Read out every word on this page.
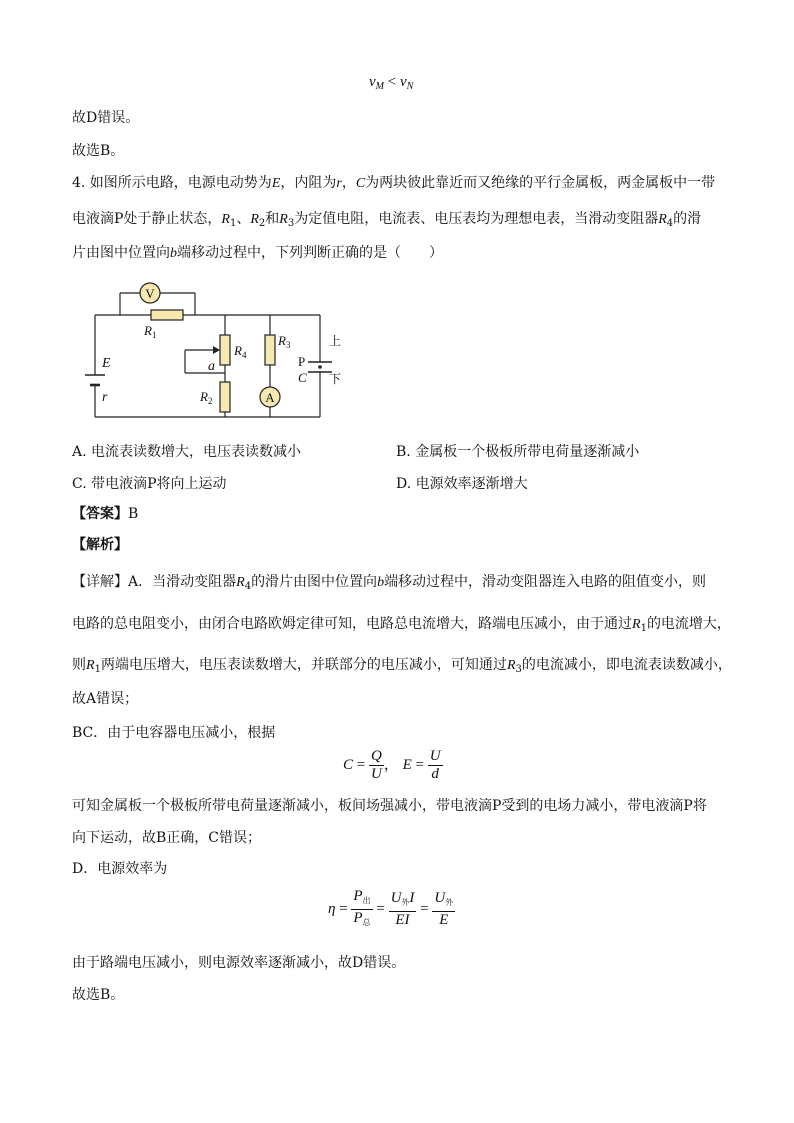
$v_M < v_N$
故D错误。
故选B。
4. 如图所示电路，电源电动势为E，内阻为r，C为两块彼此靠近而又绝缘的平行金属板，两金属板中一带
电液滴P处于静止状态，$R_1$、$R_2$和$R_3$为定值电阻，电流表、电压表均为理想电表，当滑动变阻器$R_4$的滑
片由图中位置向b端移动过程中，下列判断正确的是（　　）
V
A
$R_1$
$R_4$
$R_2$
$R_3$
E
r
a	P
C
上
下
A. 电流表读数增大，电压表读数减小	B. 金属板一个极板所带电荷量逐渐减小
C. 带电液滴P将向上运动	D. 电源效率逐渐增大
【答案】B
【解析】
【详解】A．当滑动变阻器$R_4$的滑片由图中位置向b端移动过程中，滑动变阻器连入电路的阻值变小，则
电路的总电阻变小，由闭合电路欧姆定律可知，电路总电流增大，路端电压减小，由于通过$R_1$的电流增大，
则$R_1$两端电压增大，电压表读数增大，并联部分的电压减小，可知通过$R_3$的电流减小，即电流表读数减小，
故A错误；
BC．由于电容器电压减小，根据
$C = \frac{Q}{U}$ ， $E = \frac{U}{d}$
可知金属板一个极板所带电荷量逐渐减小，板间场强减小，带电液滴P受到的电场力减小，带电液滴P将
向下运动，故B正确，C错误；
D．电源效率为
$\eta = \frac{P_出}{P_总} = \frac{U_外I}{EI} = \frac{U_外}{E}$
由于路端电压减小，则电源效率逐渐减小，故D错误。
故选B。
